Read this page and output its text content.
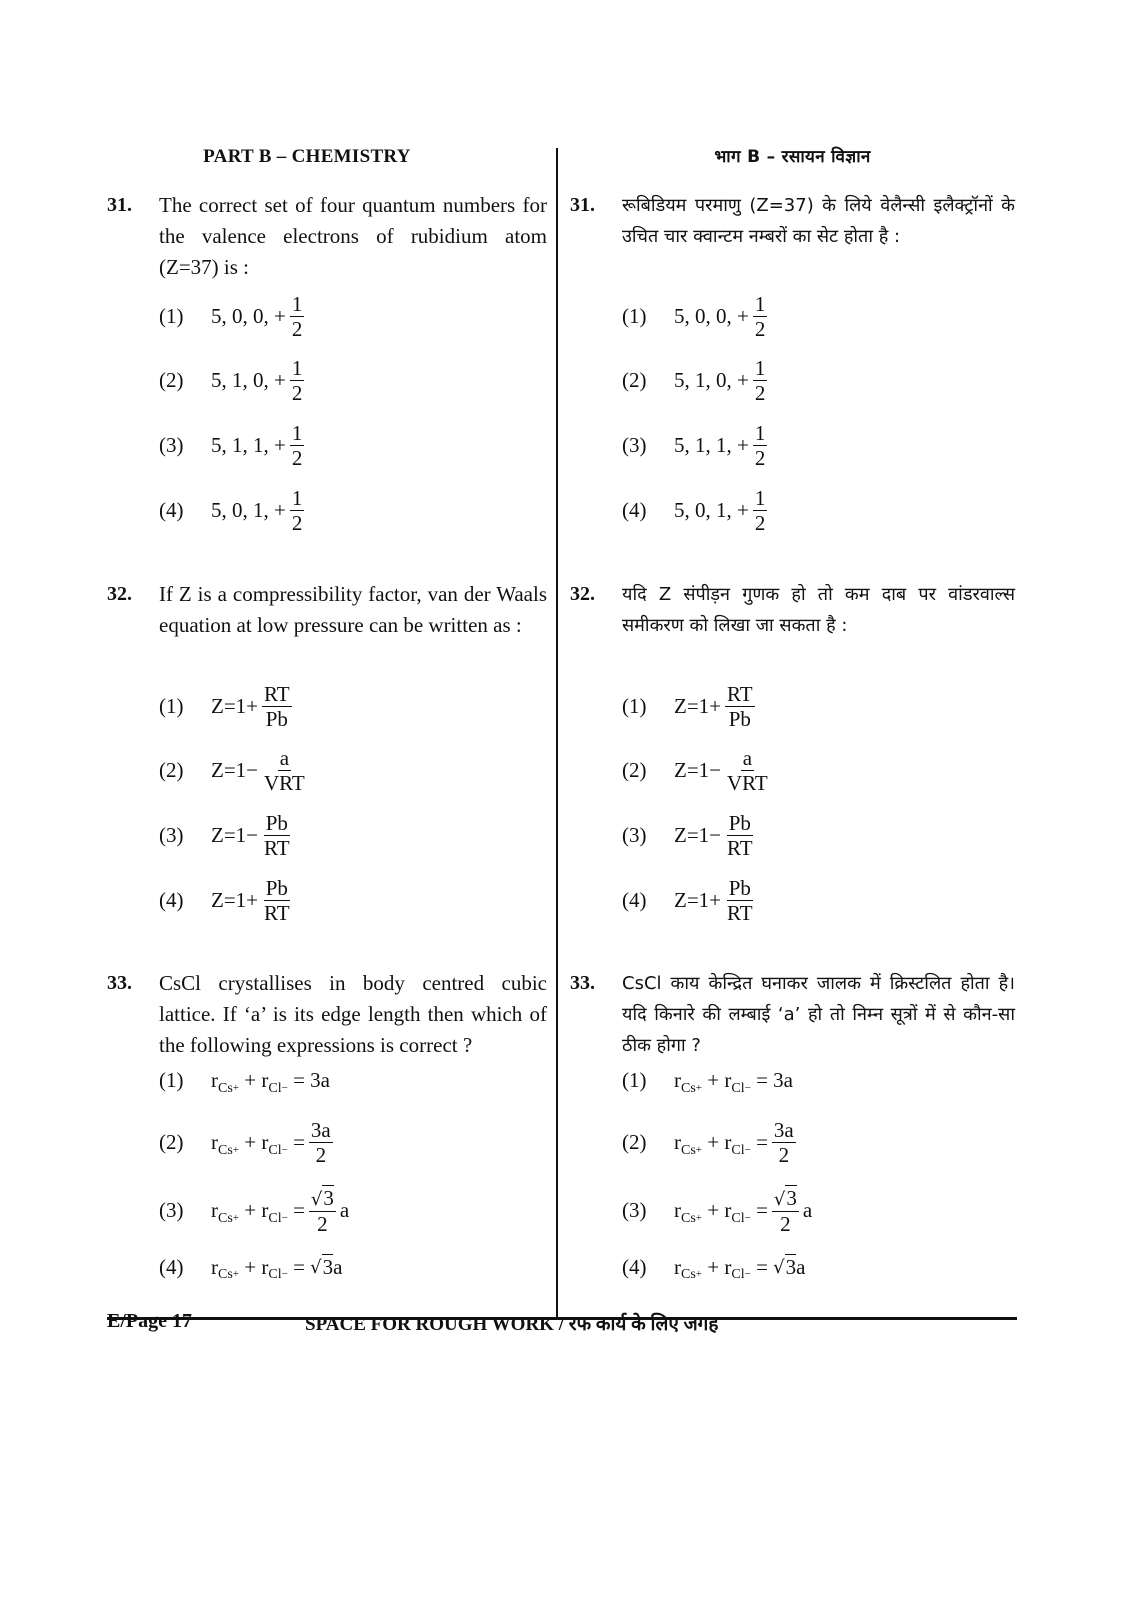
PART B – CHEMISTRY
31. The correct set of four quantum numbers for the valence electrons of rubidium atom (Z=37) is :
(1)	5, 0, 0, + $\frac{1}{2}$
(2)	5, 1, 0, + $\frac{1}{2}$
(3)	5, 1, 1, + $\frac{1}{2}$
(4)	5, 0, 1, + $\frac{1}{2}$
32. If Z is a compressibility factor, van der Waals equation at low pressure can be written as :
(1)	$Z=1+ \frac{RT}{Pb}$
(2)	$Z=1- \frac{a}{\text{VRT}}$
(3)	$Z=1- \frac{Pb}{RT}$
(4)	$Z=1+ \frac{Pb}{RT}$
33. CsCl crystallises in body centred cubic lattice. If ‘a’ is its edge length then which of the following expressions is correct ?
(1)	r Cs+
+
r Cl−
=
3a
(2)	r Cs+
+
r Cl−
= $\frac{3a}{2}$
(3)	r Cs+
+
r Cl−
= $\frac{√3}{2}$ a
(4)	r Cs+
+
r Cl−
=
√ 3 a
भाग B – रसायन विज्ञान
31. रूबिडियम परमाणु (Z=37) के लिये वेलैन्सी इलैक्ट्रॉनों के उचित चार क्वान्टम नम्बरों का सेट होता है :
(1)	5, 0, 0, + $\frac{1}{2}$
(2)	5, 1, 0, + $\frac{1}{2}$
(3)	5, 1, 1, + $\frac{1}{2}$
(4)	5, 0, 1, + $\frac{1}{2}$
32. यदि Z संपीड़न गुणक हो तो कम दाब पर वांडरवाल्स समीकरण को लिखा जा सकता है :
(1)	$Z=1+ \frac{RT}{Pb}$
(2)	$Z=1- \frac{a}{\text{VRT}}$
(3)	$Z=1- \frac{Pb}{RT}$
(4)	$Z=1+ \frac{Pb}{RT}$
33. CsCl काय केन्द्रित घनाकर जालक में क्रिस्टलित होता है। यदि किनारे की लम्बाई ‘a’ हो तो निम्न सूत्रों में से कौन-सा ठीक होगा ?
(1)	r Cs+
+
r Cl−
=
3a
(2)	r Cs+
+
r Cl−
= $\frac{3a}{2}$
(3)	r Cs+
+
r Cl−
= $\frac{√3}{2}$ a
(4)	r Cs+
+
r Cl−
=
√ 3 a
E/Page 17	SPACE FOR ROUGH WORK / रफ कार्य के लिए जगह
